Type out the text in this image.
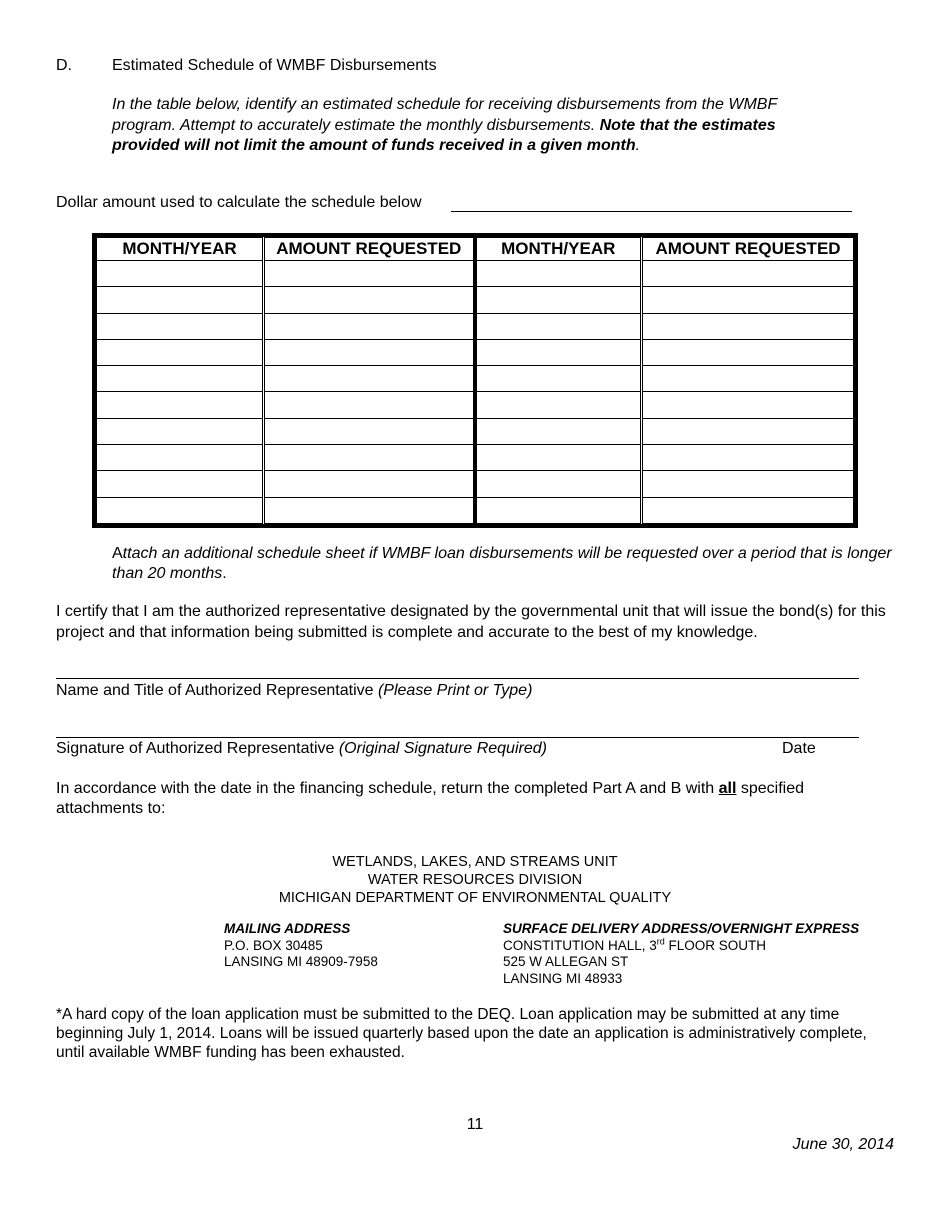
D.	Estimated Schedule of WMBF Disbursements
In the table below, identify an estimated schedule for receiving disbursements from the WMBF program. Attempt to accurately estimate the monthly disbursements. Note that the estimates provided will not limit the amount of funds received in a given month.
Dollar amount used to calculate the schedule below
MONTH/YEAR	AMOUNT REQUESTED	MONTH/YEAR	AMOUNT REQUESTED

Attach an additional schedule sheet if WMBF loan disbursements will be requested over a period that is longer than 20 months.
I certify that I am the authorized representative designated by the governmental unit that will issue the bond(s) for this project and that information being submitted is complete and accurate to the best of my knowledge.
Name and Title of Authorized Representative (Please Print or Type)
Signature of Authorized Representative (Original Signature Required)	Date
In accordance with the date in the financing schedule, return the completed Part A and B with all specified attachments to:
WETLANDS, LAKES, AND STREAMS UNIT
WATER RESOURCES DIVISION
MICHIGAN DEPARTMENT OF ENVIRONMENTAL QUALITY
MAILING ADDRESS
P.O. BOX 30485
LANSING MI 48909-7958
SURFACE DELIVERY ADDRESS/OVERNIGHT EXPRESS
CONSTITUTION HALL, 3rd FLOOR SOUTH
525 W ALLEGAN ST
LANSING MI 48933
*A hard copy of the loan application must be submitted to the DEQ. Loan application may be submitted at any time beginning July 1, 2014. Loans will be issued quarterly based upon the date an application is administratively complete, until available WMBF funding has been exhausted.
11
June 30, 2014
